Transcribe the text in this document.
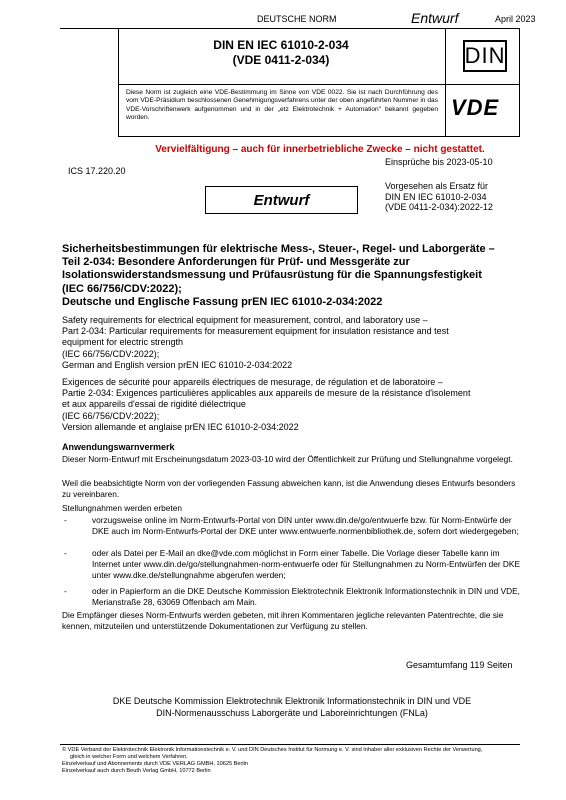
DEUTSCHE NORM	Entwurf	April 2023
DIN EN IEC 61010-2-034
(VDE 0411-2-034)	DIN
Diese Norm ist zugleich eine VDE-Bestimmung im Sinne von VDE 0022. Sie ist nach Durchführung des vom VDE-Präsidium beschlossenen Genehmigungsverfahrens unter der oben angeführten Nummer in das VDE-Vorschriftenwerk aufgenommen und in der „etz Elektrotechnik + Automation" bekannt gegeben worden.	VDE
Vervielfältigung – auch für innerbetriebliche Zwecke – nicht gestattet.
ICS 17.220.20
Einsprüche bis 2023-05-10
Vorgesehen als Ersatz für
DIN EN IEC 61010-2-034
(VDE 0411-2-034):2022-12
Entwurf
Sicherheitsbestimmungen für elektrische Mess-, Steuer-, Regel- und Laborgeräte –
Teil 2-034: Besondere Anforderungen für Prüf- und Messgeräte zur
Isolationswiderstandsmessung und Prüfausrüstung für die Spannungsfestigkeit
(IEC 66/756/CDV:2022);
Deutsche und Englische Fassung prEN IEC 61010-2-034:2022
Safety requirements for electrical equipment for measurement, control, and laboratory use –
Part 2-034: Particular requirements for measurement equipment for insulation resistance and test
equipment for electric strength
(IEC 66/756/CDV:2022);
German and English version prEN IEC 61010-2-034:2022
Exigences de sécurité pour appareils électriques de mesurage, de régulation et de laboratoire –
Partie 2-034: Exigences particulières applicables aux appareils de mesure de la résistance d'isolement
et aux appareils d'essai de rigidité diélectrique
(IEC 66/756/CDV:2022);
Version allemande et anglaise prEN IEC 61010-2-034:2022
Anwendungswarnvermerk
Dieser Norm-Entwurf mit Erscheinungsdatum 2023-03-10 wird der Öffentlichkeit zur Prüfung und Stellungnahme vorgelegt.
Weil die beabsichtigte Norm von der vorliegenden Fassung abweichen kann, ist die Anwendung dieses Entwurfs besonders zu vereinbaren.
Stellungnahmen werden erbeten
-	vorzugsweise online im Norm-Entwurfs-Portal von DIN unter www.din.de/go/entwuerfe bzw. für Norm-Entwürfe der DKE auch im Norm-Entwurfs-Portal der DKE unter www.entwuerfe.normenbibliothek.de, sofern dort wiedergegeben;
-	oder als Datei per E-Mail an dke@vde.com möglichst in Form einer Tabelle. Die Vorlage dieser Tabelle kann im Internet unter www.din.de/go/stellungnahmen-norm-entwuerfe oder für Stellungnahmen zu Norm-Entwürfen der DKE unter www.dke.de/stellungnahme abgerufen werden;
-	oder in Papierform an die DKE Deutsche Kommission Elektrotechnik Elektronik Informationstechnik in DIN und VDE, Merianstraße 28, 63069 Offenbach am Main.
Die Empfänger dieses Norm-Entwurfs werden gebeten, mit ihren Kommentaren jegliche relevanten Patentrechte, die sie kennen, mitzuteilen und unterstützende Dokumentationen zur Verfügung zu stellen.
Gesamtumfang 119 Seiten
DKE Deutsche Kommission Elektrotechnik Elektronik Informationstechnik in DIN und VDE
DIN-Normenausschuss Laborgeräte und Laboreinrichtungen (FNLa)
© VDE Verband der Elektrotechnik Elektronik Informationstechnik e. V. und DIN Deutsches Institut für Normung e. V. sind Inhaber aller exklusiven Rechte der Verwertung,
gleich in welcher Form und welchem Verfahren.
Einzelverkauf und Abonnements durch VDE VERLAG GMBH, 10625 Berlin
Einzelverkauf auch durch Beuth Verlag GmbH, 10772 Berlin
